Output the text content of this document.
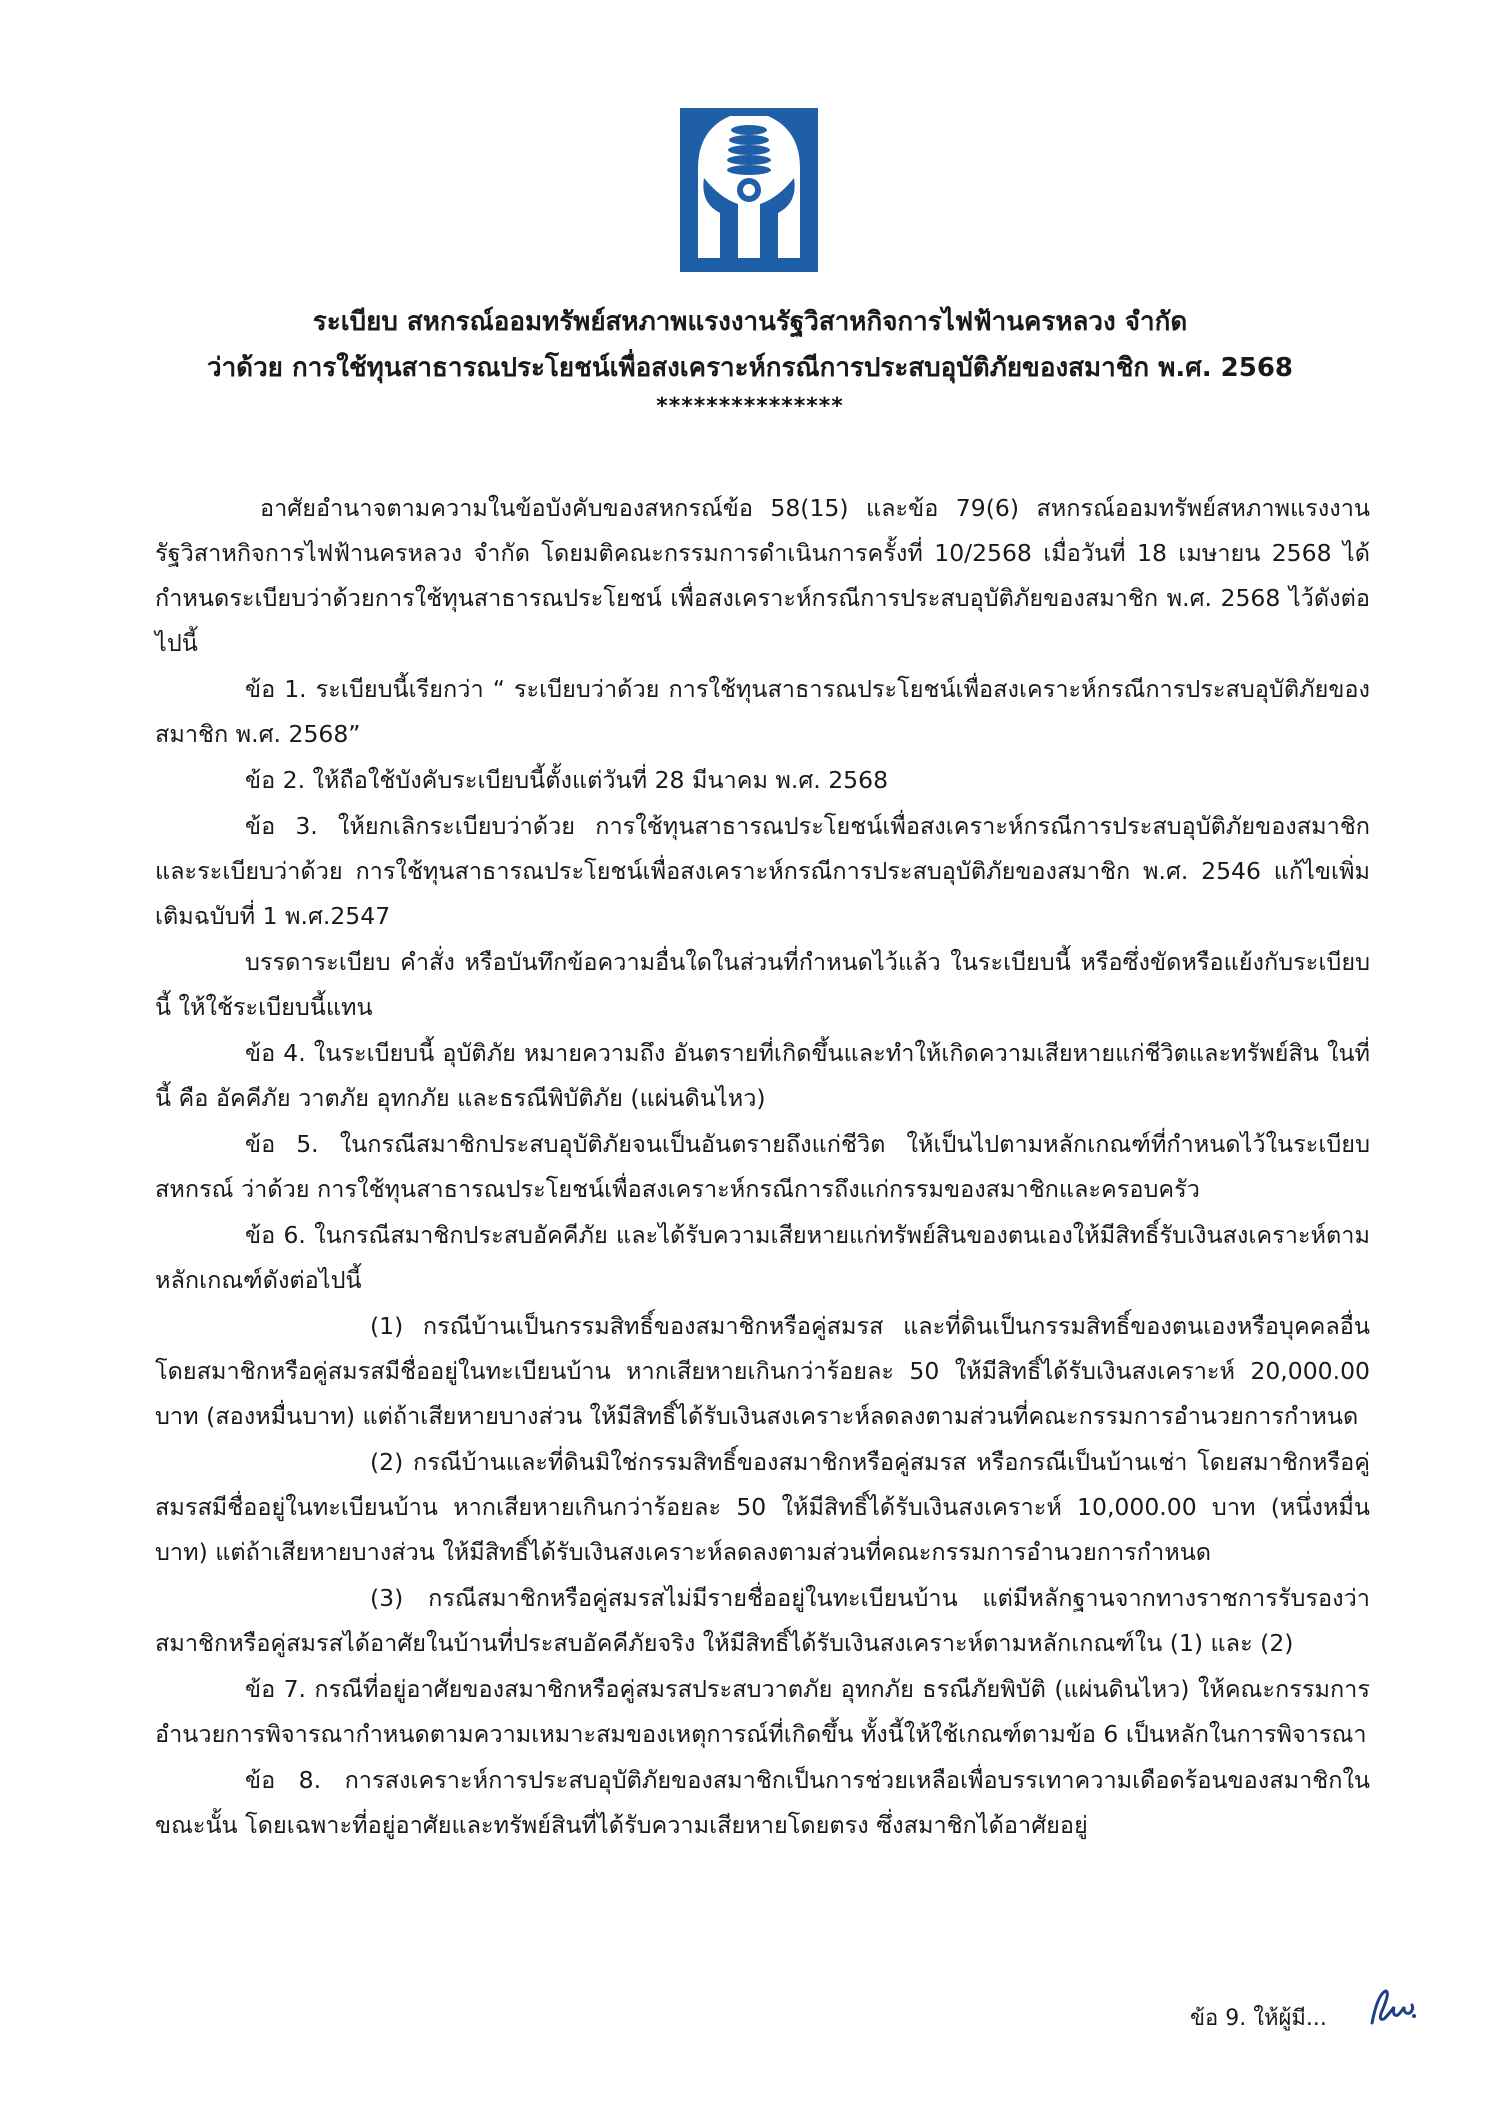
ระเบียบ สหกรณ์ออมทรัพย์สหภาพแรงงานรัฐวิสาหกิจการไฟฟ้านครหลวง จำกัด
ว่าด้วย การใช้ทุนสาธารณประโยชน์เพื่อสงเคราะห์กรณีการประสบอุบัติภัยของสมาชิก พ.ศ. 2568
***************

อาศัยอำนาจตามความในข้อบังคับของสหกรณ์ข้อ 58(15) และข้อ 79(6) สหกรณ์ออมทรัพย์สหภาพแรงงานรัฐวิสาหกิจการไฟฟ้านครหลวง จำกัด โดยมติคณะกรรมการดำเนินการครั้งที่ 10/2568 เมื่อวันที่ 18 เมษายน 2568 ได้กำหนดระเบียบว่าด้วยการใช้ทุนสาธารณประโยชน์ เพื่อสงเคราะห์กรณีการประสบอุบัติภัยของสมาชิก พ.ศ. 2568 ไว้ดังต่อไปนี้

ข้อ 1. ระเบียบนี้เรียกว่า “ ระเบียบว่าด้วย การใช้ทุนสาธารณประโยชน์เพื่อสงเคราะห์กรณีการประสบอุบัติภัยของสมาชิก พ.ศ. 2568”

ข้อ 2. ให้ถือใช้บังคับระเบียบนี้ตั้งแต่วันที่ 28 มีนาคม พ.ศ. 2568

ข้อ 3. ให้ยกเลิกระเบียบว่าด้วย การใช้ทุนสาธารณประโยชน์เพื่อสงเคราะห์กรณีการประสบอุบัติภัยของสมาชิก และระเบียบว่าด้วย การใช้ทุนสาธารณประโยชน์เพื่อสงเคราะห์กรณีการประสบอุบัติภัยของสมาชิก พ.ศ. 2546 แก้ไขเพิ่มเติมฉบับที่ 1 พ.ศ.2547

บรรดาระเบียบ คำสั่ง หรือบันทึกข้อความอื่นใดในส่วนที่กำหนดไว้แล้ว ในระเบียบนี้ หรือซึ่งขัดหรือแย้งกับระเบียบนี้ ให้ใช้ระเบียบนี้แทน

ข้อ 4. ในระเบียบนี้ อุบัติภัย หมายความถึง อันตรายที่เกิดขึ้นและทำให้เกิดความเสียหายแก่ชีวิตและทรัพย์สิน ในที่นี้ คือ อัคคีภัย วาตภัย อุทกภัย และธรณีพิบัติภัย (แผ่นดินไหว)

ข้อ 5. ในกรณีสมาชิกประสบอุบัติภัยจนเป็นอันตรายถึงแก่ชีวิต ให้เป็นไปตามหลักเกณฑ์ที่กำหนดไว้ในระเบียบสหกรณ์ ว่าด้วย การใช้ทุนสาธารณประโยชน์เพื่อสงเคราะห์กรณีการถึงแก่กรรมของสมาชิกและครอบครัว

ข้อ 6. ในกรณีสมาชิกประสบอัคคีภัย และได้รับความเสียหายแก่ทรัพย์สินของตนเองให้มีสิทธิ์รับเงินสงเคราะห์ตามหลักเกณฑ์ดังต่อไปนี้

(1) กรณีบ้านเป็นกรรมสิทธิ์ของสมาชิกหรือคู่สมรส และที่ดินเป็นกรรมสิทธิ์ของตนเองหรือบุคคลอื่น โดยสมาชิกหรือคู่สมรสมีชื่ออยู่ในทะเบียนบ้าน หากเสียหายเกินกว่าร้อยละ 50 ให้มีสิทธิ์ได้รับเงินสงเคราะห์ 20,000.00 บาท (สองหมื่นบาท) แต่ถ้าเสียหายบางส่วน ให้มีสิทธิ์ได้รับเงินสงเคราะห์ลดลงตามส่วนที่คณะกรรมการอำนวยการกำหนด

(2) กรณีบ้านและที่ดินมิใช่กรรมสิทธิ์ของสมาชิกหรือคู่สมรส หรือกรณีเป็นบ้านเช่า โดยสมาชิกหรือคู่สมรสมีชื่ออยู่ในทะเบียนบ้าน หากเสียหายเกินกว่าร้อยละ 50 ให้มีสิทธิ์ได้รับเงินสงเคราะห์ 10,000.00 บาท (หนึ่งหมื่นบาท) แต่ถ้าเสียหายบางส่วน ให้มีสิทธิ์ได้รับเงินสงเคราะห์ลดลงตามส่วนที่คณะกรรมการอำนวยการกำหนด

(3) กรณีสมาชิกหรือคู่สมรสไม่มีรายชื่ออยู่ในทะเบียนบ้าน แต่มีหลักฐานจากทางราชการรับรองว่าสมาชิกหรือคู่สมรสได้อาศัยในบ้านที่ประสบอัคคีภัยจริง ให้มีสิทธิ์ได้รับเงินสงเคราะห์ตามหลักเกณฑ์ใน (1) และ (2)

ข้อ 7. กรณีที่อยู่อาศัยของสมาชิกหรือคู่สมรสประสบวาตภัย อุทกภัย ธรณีภัยพิบัติ (แผ่นดินไหว) ให้คณะกรรมการอำนวยการพิจารณากำหนดตามความเหมาะสมของเหตุการณ์ที่เกิดขึ้น ทั้งนี้ให้ใช้เกณฑ์ตามข้อ 6 เป็นหลักในการพิจารณา

ข้อ 8. การสงเคราะห์การประสบอุบัติภัยของสมาชิกเป็นการช่วยเหลือเพื่อบรรเทาความเดือดร้อนของสมาชิกในขณะนั้น โดยเฉพาะที่อยู่อาศัยและทรัพย์สินที่ได้รับความเสียหายโดยตรง ซึ่งสมาชิกได้อาศัยอยู่

ข้อ 9. ให้ผู้มี...
